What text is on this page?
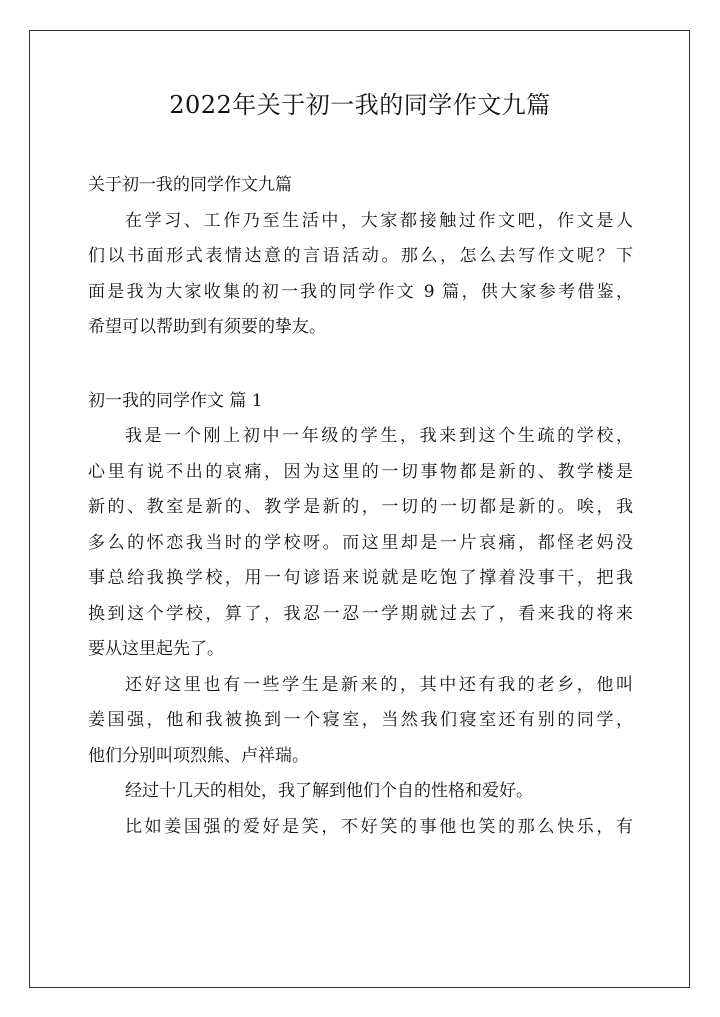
2022年关于初一我的同学作文九篇
关于初一我的同学作文九篇
在学习、工作乃至生活中，大家都接触过作文吧，作文是人
们以书面形式表情达意的言语活动。那么，怎么去写作文呢？下
面是我为大家收集的初一我的同学作文 9 篇，供大家参考借鉴，
希望可以帮助到有须要的挚友。
初一我的同学作文 篇 1
我是一个刚上初中一年级的学生，我来到这个生疏的学校，
心里有说不出的哀痛，因为这里的一切事物都是新的、教学楼是
新的、教室是新的、教学是新的，一切的一切都是新的。唉，我
多么的怀恋我当时的学校呀。而这里却是一片哀痛，都怪老妈没
事总给我换学校，用一句谚语来说就是吃饱了撑着没事干，把我
换到这个学校，算了，我忍一忍一学期就过去了，看来我的将来
要从这里起先了。
还好这里也有一些学生是新来的，其中还有我的老乡，他叫
姜国强，他和我被换到一个寝室，当然我们寝室还有别的同学，
他们分别叫项烈熊、卢祥瑞。
经过十几天的相处，我了解到他们个自的性格和爱好。
比如姜国强的爱好是笑，不好笑的事他也笑的那么快乐，有
